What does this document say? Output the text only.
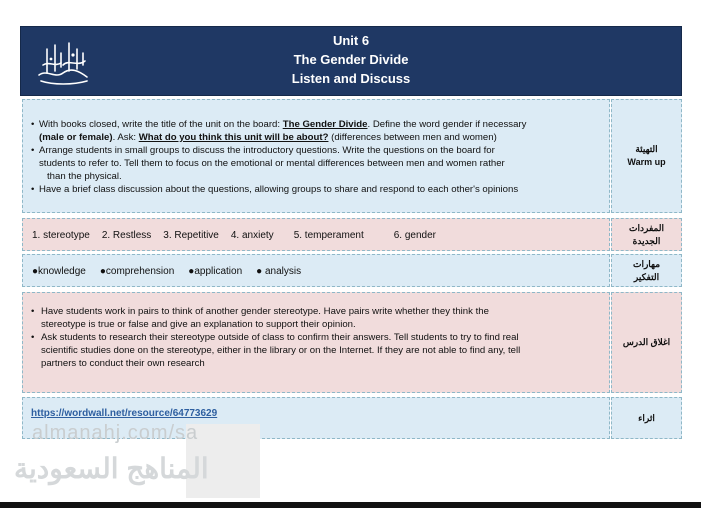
Unit 6
The Gender Divide
Listen and Discuss
• With books closed, write the title of the unit on the board: The Gender Divide. Define the word gender if necessary
(male or female). Ask: What do you think this unit will be about? (differences between men and women)
• Arrange students in small groups to discuss the introductory questions. Write the questions on the board for
students to refer to. Tell them to focus on the emotional or mental differences between men and women rather

than the physical.
• Have a brief class discussion about the questions, allowing groups to share and respond to each other's opinions
التهيئة
Warm up
1. stereotype 2. Restless 3. Repetitive 4. anxiety 5. temperament	6. gender
المفردات الجديدة
●knowledge ●comprehension ●application ● analysis
مهارات التفكير
• Have students work in pairs to think of another gender stereotype. Have pairs write whether they think the
stereotype is true or false and give an explanation to support their opinion.
• Ask students to research their stereotype outside of class to confirm their answers. Tell students to try to find real
scientific studies done on the stereotype, either in the library or on the Internet. If they are not able to find any, tell
partners to conduct their own research
اغلاق الدرس
https://wordwall.net/resource/64773629	اثراء
almanahj.com/sa
المناهج السعودية
